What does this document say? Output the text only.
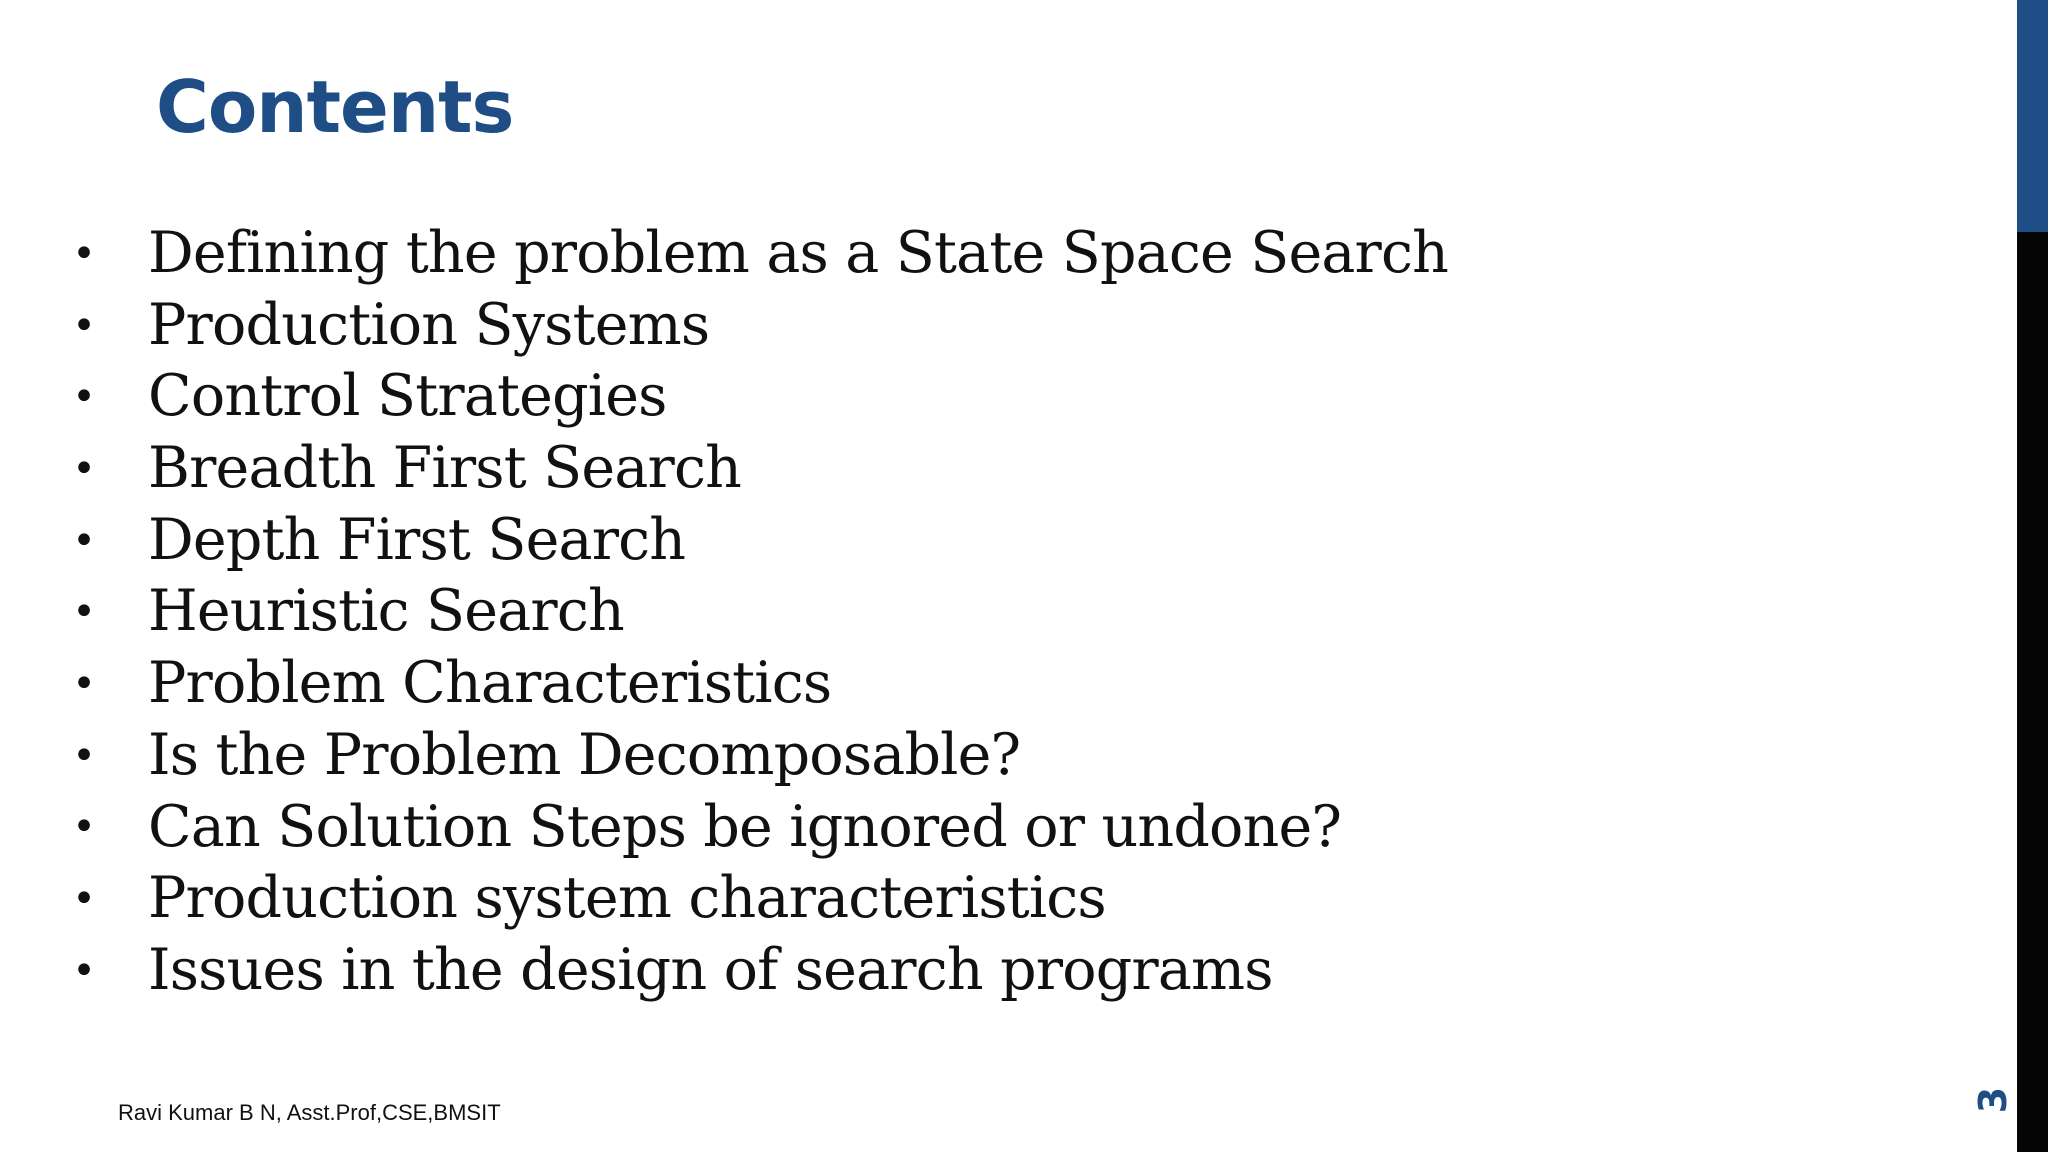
Contents
• Defining the problem as a State Space Search
• Production Systems
• Control Strategies
• Breadth First Search
• Depth First Search
• Heuristic Search
• Problem Characteristics
• Is the Problem Decomposable?
• Can Solution Steps be ignored or undone?
• Production system characteristics
• Issues in the design of search programs
Ravi Kumar B N, Asst.Prof,CSE,BMSIT	3
